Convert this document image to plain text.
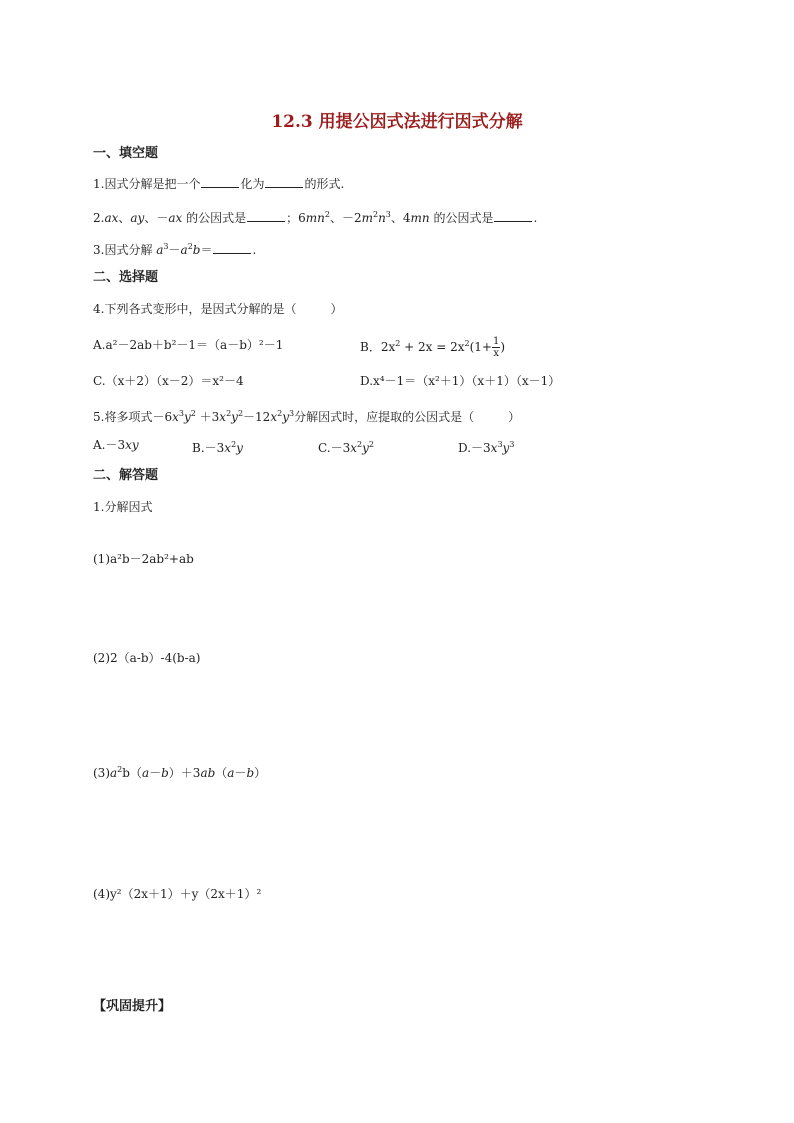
12.3 用提公因式法进行因式分解
一、填空题
1.因式分解是把一个	化为	的形式.
2.ax、ay、－ax 的公因式是	；$6mn^2$、$-2m^2n^3$、4mn 的公因式是	.
3.因式分解 $a^3-a^2b=$	.
二、选择题
4.下列各式变形中，是因式分解的是（	）
A.a²－2ab＋b²－1＝（a－b）²－1	B．$2x^2 + 2x = 2x^2(1+ \frac{1}{x}$ )
C.（x＋2）（x－2）＝x²－4	D.x⁴－1＝（x²＋1）（x＋1）（x－1）
5.将多项式$-6x^3y^2 +3x^2y^2-12x^2y^3$分解因式时，应提取的公因式是（	）
A.－3xy	$B.-3x^2y$	$C.-3x^2y^2$	$D.-3x^3y^3$
二、解答题
1.分解因式
(1)a²b－2ab²+ab
(2)2（a-b）-4(b-a)
$(3)a^2b(a-b)+3ab(a-b)$
(4)y²（2x＋1）＋y（2x＋1）²
【巩固提升】
